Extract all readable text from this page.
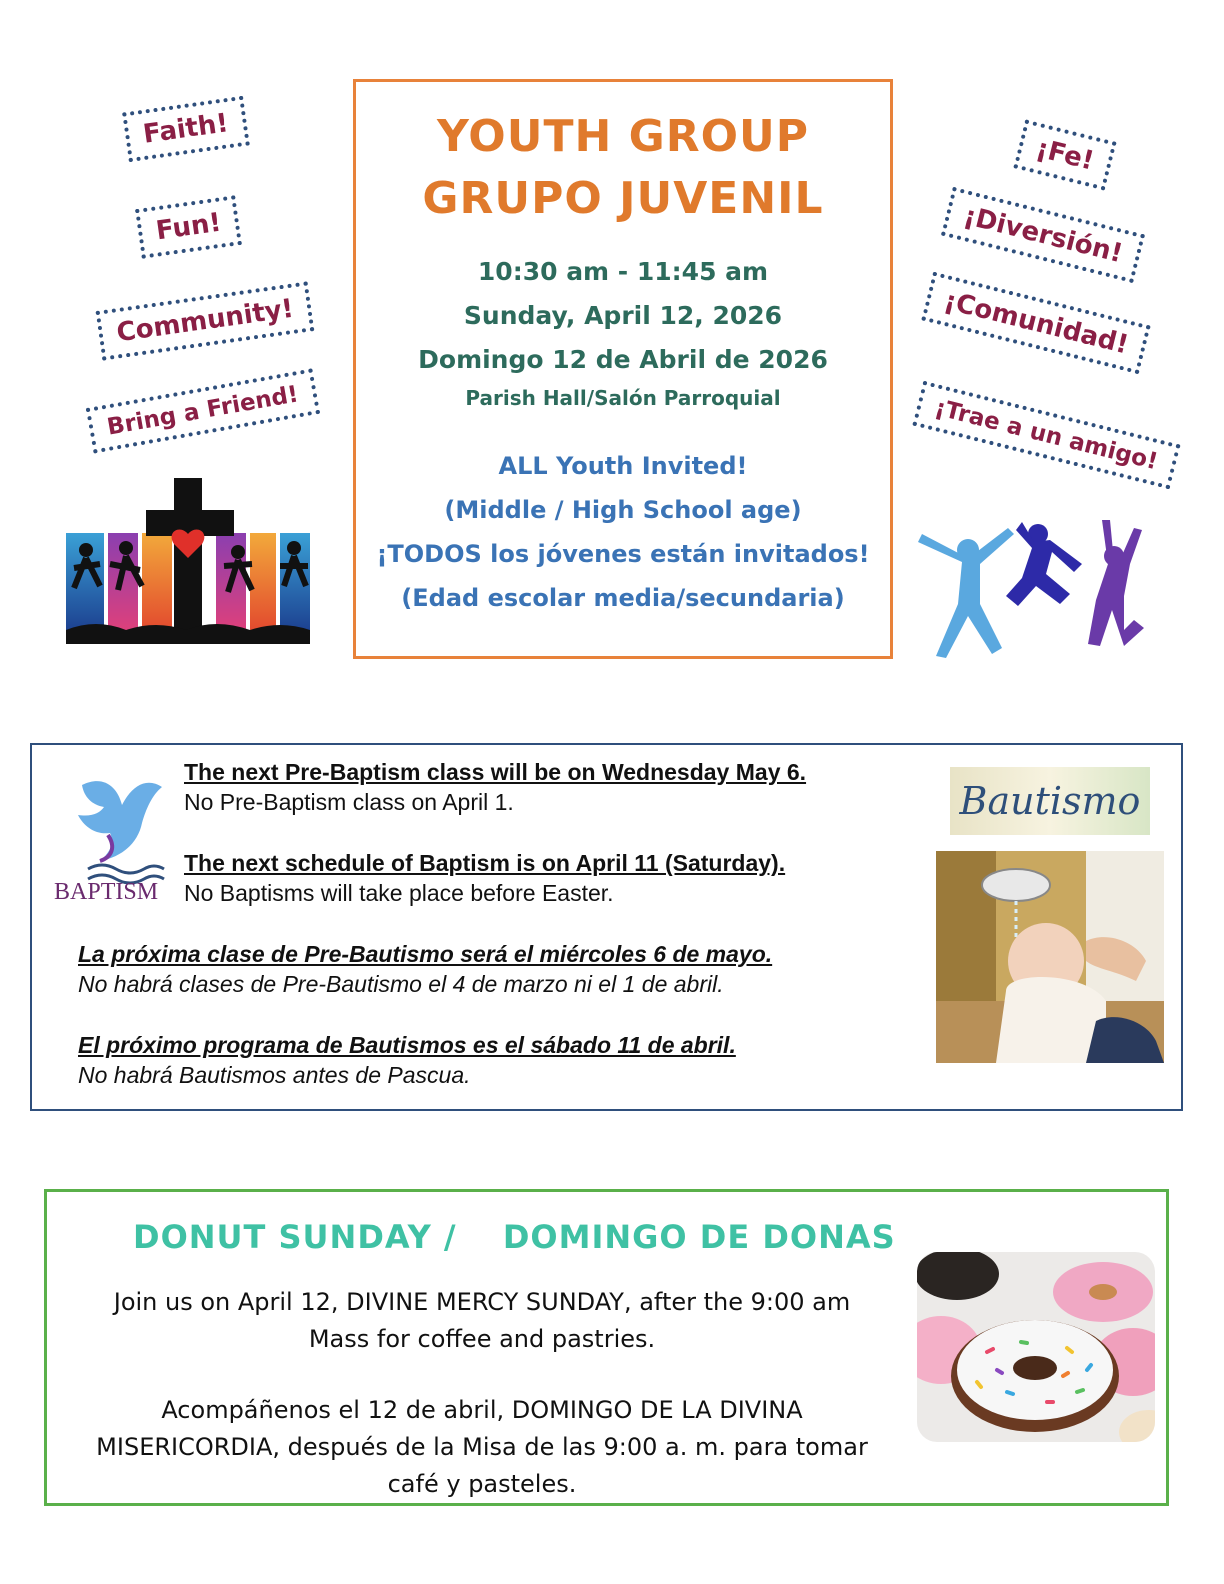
Faith!
Fun!
Community!
Bring a Friend!
YOUTH GROUP
GRUPO JUVENIL
10:30 am - 11:45 am
Sunday, April 12, 2026
Domingo 12 de Abril de 2026
Parish Hall/Salón Parroquial
ALL Youth Invited!
(Middle / High School age)
¡TODOS los jóvenes están invitados!
(Edad escolar media/secundaria)
¡Fe!
¡Diversión!
¡Comunidad!
¡Trae a un amigo!
BAPTISM
The next Pre-Baptism class will be on Wednesday May 6.
No Pre-Baptism class on April 1.
The next schedule of Baptism is on April 11 (Saturday).
No Baptisms will take place before Easter.
La próxima clase de Pre-Bautismo será el miércoles 6 de mayo.
No habrá clases de Pre-Bautismo el 4 de marzo ni el 1 de abril.
El próximo programa de Bautismos es el sábado 11 de abril.
No habrá Bautismos antes de Pascua.
Bautismo
DONUT SUNDAY / DOMINGO DE DONAS
Join us on April 12, DIVINE MERCY SUNDAY, after the 9:00 am
Mass for coffee and pastries.
Acompáñenos el 12 de abril, DOMINGO DE LA DIVINA
MISERICORDIA, después de la Misa de las 9:00 a. m. para tomar
café y pasteles.
